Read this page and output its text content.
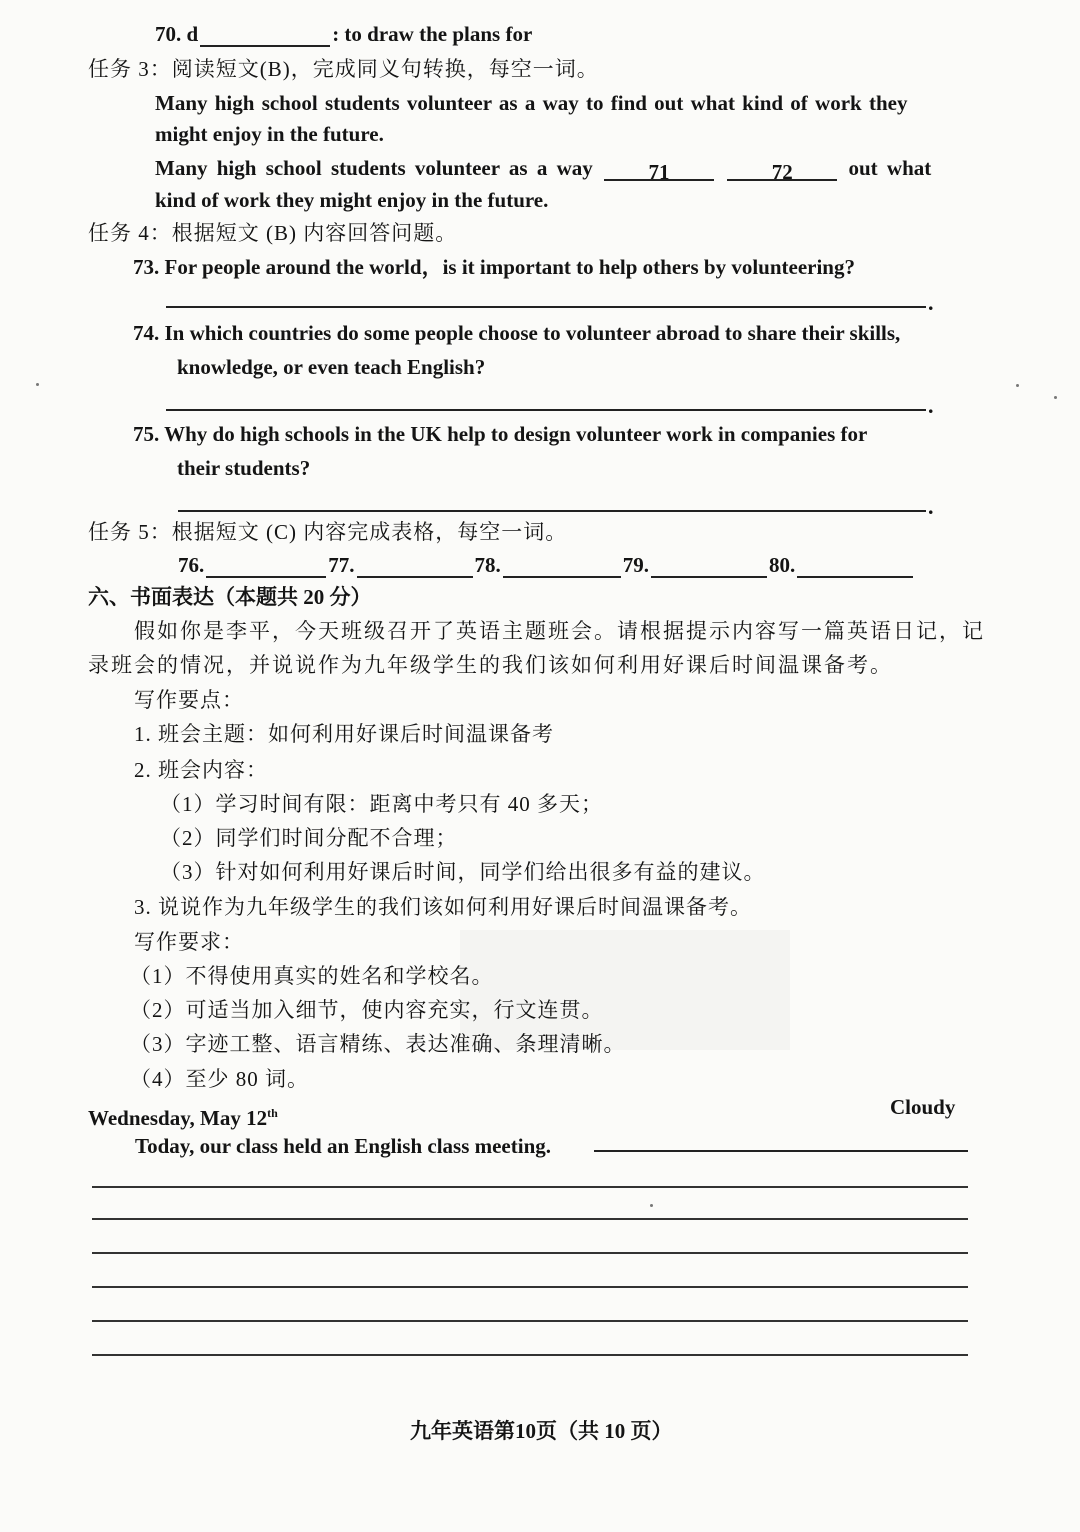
70. d	: to draw the plans for
任务 3：阅读短文(B)，完成同义句转换，每空一词。
Many high school students volunteer as a way to find out what kind of work they
might enjoy in the future.
Many high school students volunteer as a way	71	72	out what
kind of work they might enjoy in the future.
任务 4：根据短文 (B) 内容回答问题。
73. For people around the world，is it important to help others by volunteering?
.
74. In which countries do some people choose to volunteer abroad to share their skills,
knowledge, or even teach English?
.
75. Why do high schools in the UK help to design volunteer work in companies for
their students?
.
任务 5：根据短文 (C) 内容完成表格，每空一词。
76.	77.	78.	79.	80.
六、书面表达（本题共 20 分）
假如你是李平，今天班级召开了英语主题班会。请根据提示内容写一篇英语日记，记
录班会的情况，并说说作为九年级学生的我们该如何利用好课后时间温课备考。
写作要点：
1. 班会主题：如何利用好课后时间温课备考
2. 班会内容：
（1）学习时间有限：距离中考只有 40 多天；
（2）同学们时间分配不合理；
（3）针对如何利用好课后时间，同学们给出很多有益的建议。
3. 说说作为九年级学生的我们该如何利用好课后时间温课备考。
写作要求：
（1）不得使用真实的姓名和学校名。
（2）可适当加入细节，使内容充实，行文连贯。
（3）字迹工整、语言精练、表达准确、条理清晰。
（4）至少 80 词。
Wednesday, May 12th	Cloudy
Today, our class held an English class meeting.
九年英语第10页（共 10 页）
